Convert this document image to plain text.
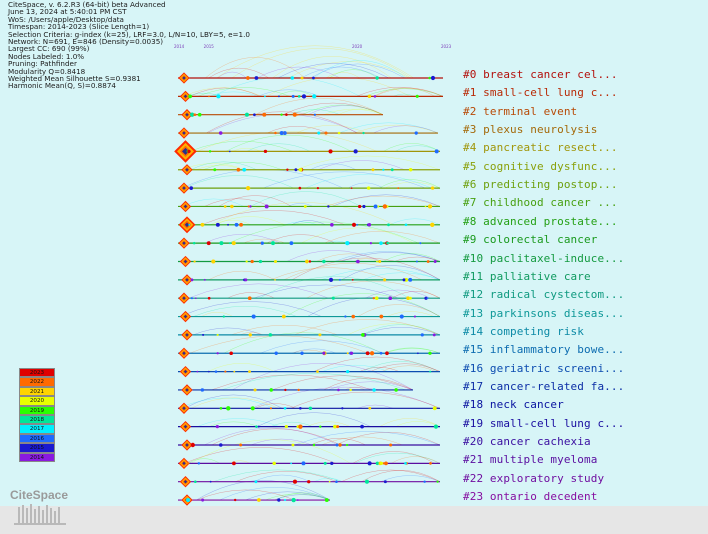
CiteSpace, v. 6.2.R3 (64-bit) beta Advanced
June 13, 2024 at 5:40:01 PM CST
WoS: /Users/apple/Desktop/data
Timespan: 2014-2023 (Slice Length=1)
Selection Criteria: g-index (k=25), LRF=3.0, L/N=10, LBY=5, e=1.0
Network: N=691, E=846 (Density=0.0035)
Largest CC: 690 (99%)
Nodes Labeled: 1.0%
Pruning: Pathfinder
Modularity Q=0.8418
Weighted Mean Silhouette S=0.9381
Harmonic Mean(Q, S)=0.8874
2014	2015	2020	2023
#0 breast cancer cel...
#1 small-cell lung c...
#2 terminal event
#3 plexus neurolysis
#4 pancreatic resect...
#5 cognitive dysfunc...
#6 predicting postop...
#7 childhood cancer ...
#8 advanced prostate...
#9 colorectal cancer
#10 paclitaxel-induce...
#11 palliative care
#12 radical cystectom...
#13 parkinsons diseas...
#14 competing risk
#15 inflammatory bowe...
#16 geriatric screeni...
#17 cancer-related fa...
#18 neck cancer
#19 small-cell lung c...
#20 cancer cachexia
#21 multiple myeloma
#22 exploratory study
#23 ontario decedent
2023
2022
2021
2020
2019
2018
2017
2016
2015
2014
CiteSpace
